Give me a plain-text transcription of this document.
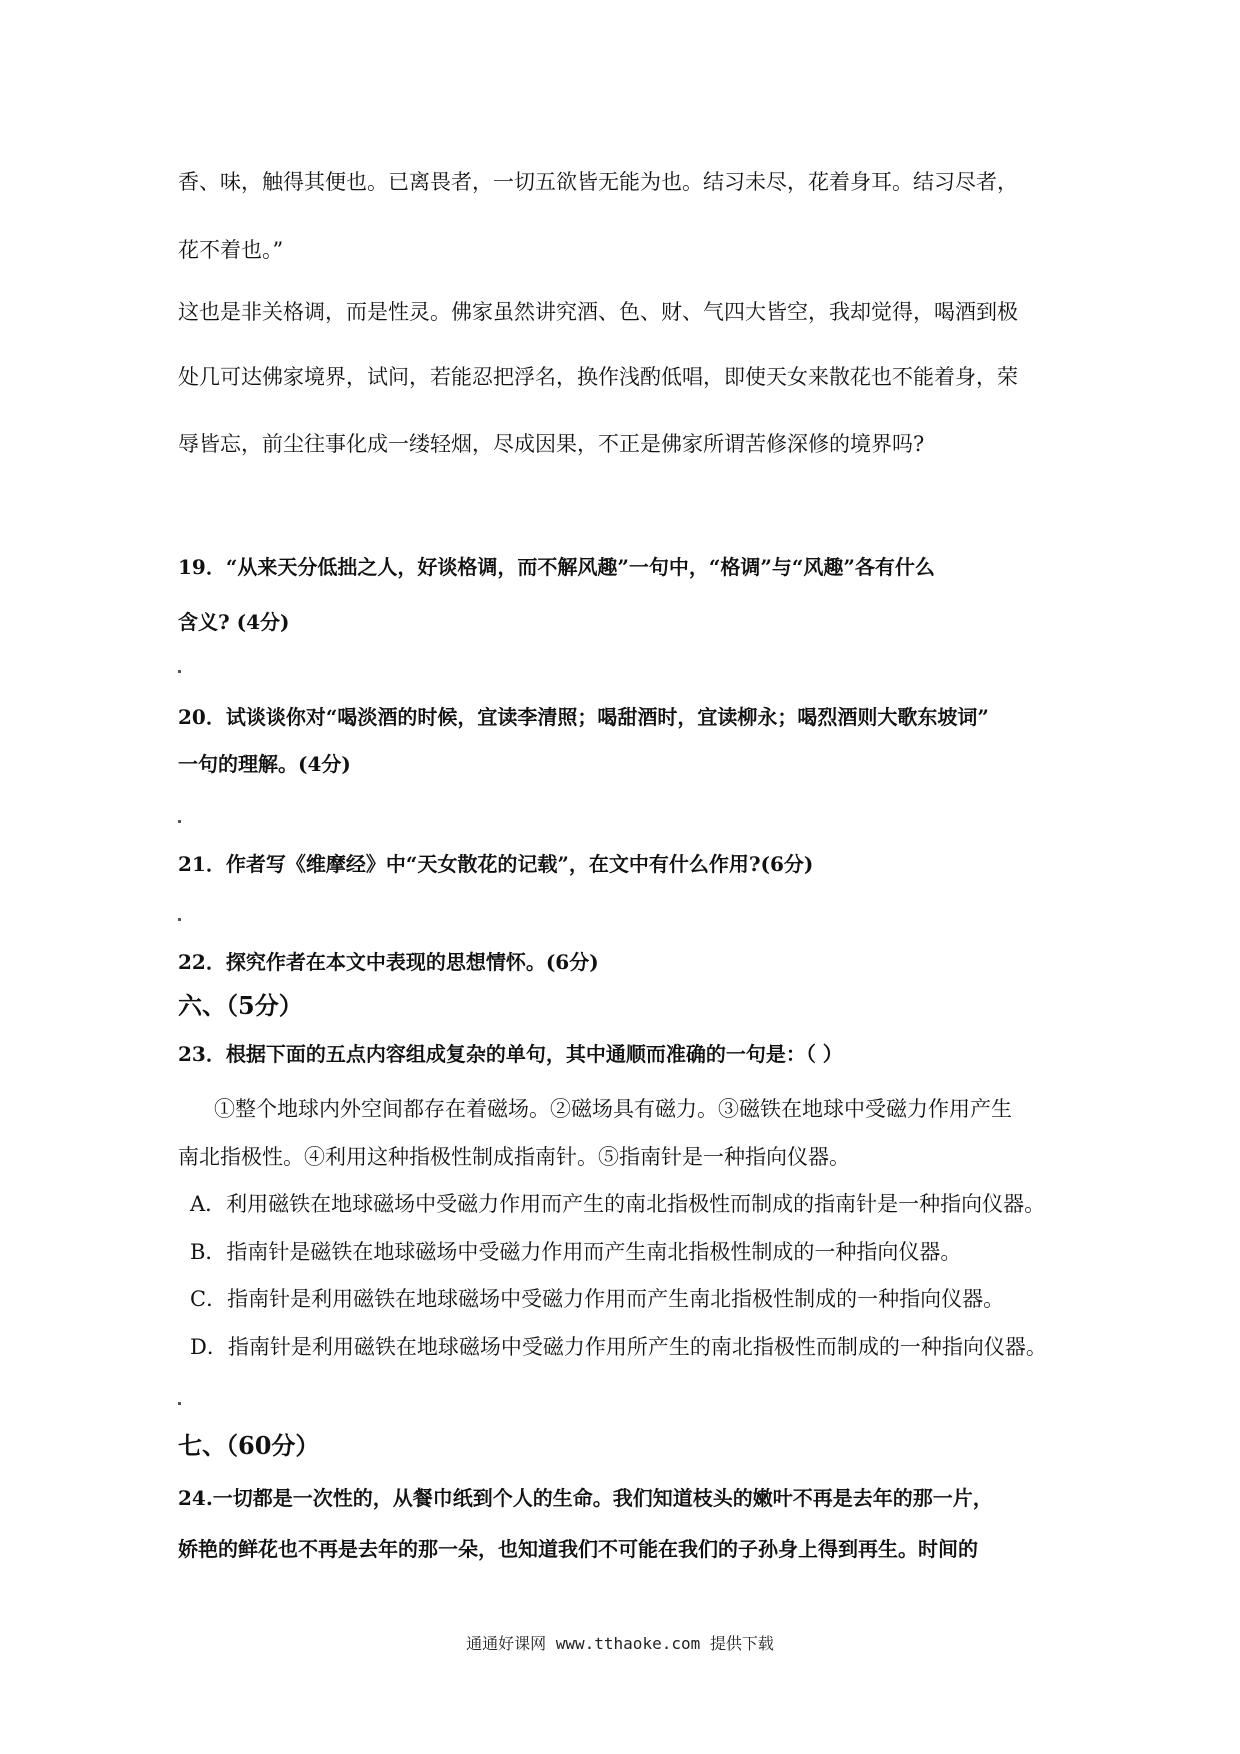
香、味，触得其便也。已离畏者，一切五欲皆无能为也。结习未尽，花着身耳。结习尽者，
花不着也。”
这也是非关格调，而是性灵。佛家虽然讲究酒、色、财、气四大皆空，我却觉得，喝酒到极
处几可达佛家境界，试问，若能忍把浮名，换作浅酌低唱，即使天女来散花也不能着身，荣
辱皆忘，前尘往事化成一缕轻烟，尽成因果，不正是佛家所谓苦修深修的境界吗?
19．“从来天分低拙之人，好谈格调，而不解风趣”一句中，“格调”与“风趣”各有什么
含义? (4分)
20．试谈谈你对“喝淡酒的时候，宜读李清照；喝甜酒时，宜读柳永；喝烈酒则大歌东坡词”
一句的理解。(4分)
21．作者写《维摩经》中“天女散花的记载”，在文中有什么作用?(6分)
22．探究作者在本文中表现的思想情怀。(6分)
六、（5分）
23．根据下面的五点内容组成复杂的单句，其中通顺而准确的一句是：（ ）
①整个地球内外空间都存在着磁场。②磁场具有磁力。③磁铁在地球中受磁力作用产生
南北指极性。④利用这种指极性制成指南针。⑤指南针是一种指向仪器。
A．利用磁铁在地球磁场中受磁力作用而产生的南北指极性而制成的指南针是一种指向仪器。
B．指南针是磁铁在地球磁场中受磁力作用而产生南北指极性制成的一种指向仪器。
C．指南针是利用磁铁在地球磁场中受磁力作用而产生南北指极性制成的一种指向仪器。
D．指南针是利用磁铁在地球磁场中受磁力作用所产生的南北指极性而制成的一种指向仪器。
七、（60分）
24.一切都是一次性的，从餐巾纸到个人的生命。我们知道枝头的嫩叶不再是去年的那一片，
娇艳的鲜花也不再是去年的那一朵，也知道我们不可能在我们的子孙身上得到再生。时间的
通通好课网 www.tthaoke.com 提供下载
